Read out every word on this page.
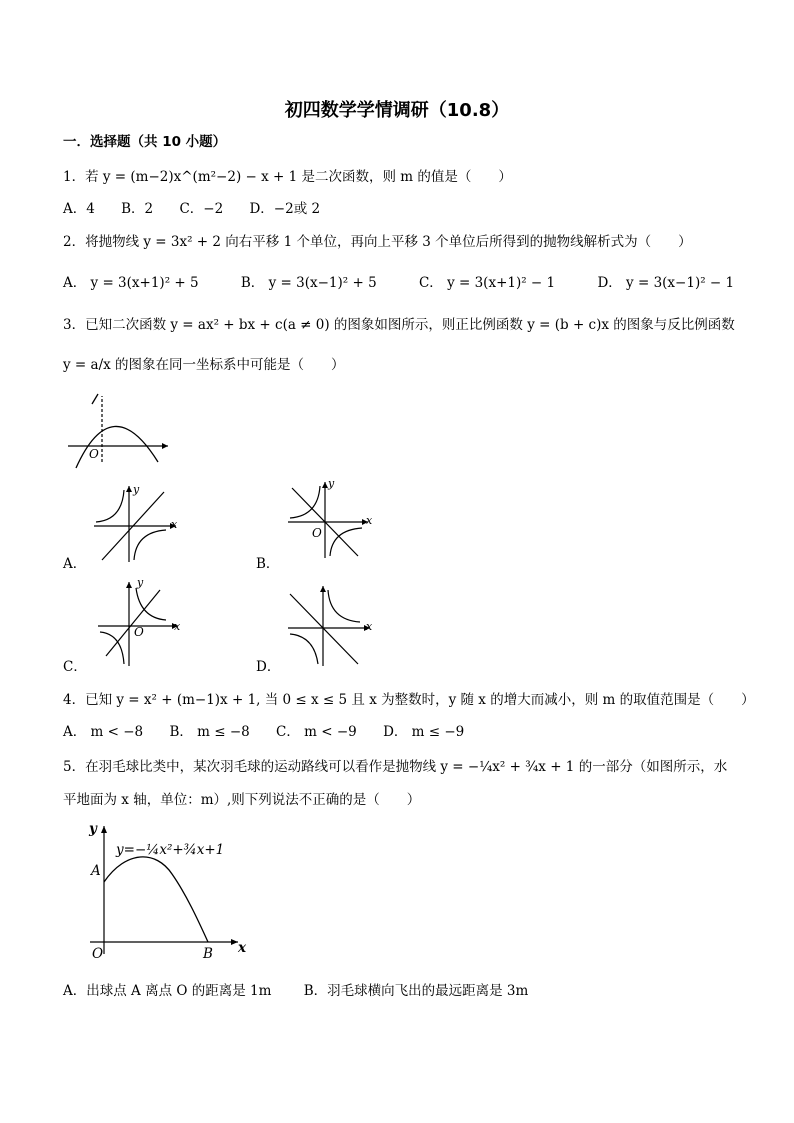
初四数学学情调研（10.8）
一．选择题（共 10 小题）
1．若 y = (m−2)x^(m²−2) − x + 1 是二次函数，则 m 的值是（　　）
A．4 B．2 C．−2 D．−2或 2
2．将抛物线 y = 3x² + 2 向右平移 1 个单位，再向上平移 3 个单位后所得到的抛物线解析式为（　　）
A． y = 3(x+1)² + 5	B． y = 3(x−1)² + 5	C． y = 3(x+1)² − 1	D． y = 3(x−1)² − 1
3．已知二次函数 y = ax² + bx + c(a ≠ 0) 的图象如图所示，则正比例函数 y = (b + c)x 的图象与反比例函数
y = a/x 的图象在同一坐标系中可能是（　　）
O
y
x
A．
y
x
O
B．
y
x
O
C．
x
D．
4．已知 y = x² + (m−1)x + 1, 当 0 ≤ x ≤ 5 且 x 为整数时，y 随 x 的增大而减小，则 m 的取值范围是（　　）
A． m < −8 B． m ≤ −8 C． m < −9 D． m ≤ −9
5．在羽毛球比类中，某次羽毛球的运动路线可以看作是抛物线 y = −¼x² + ¾x + 1 的一部分（如图所示，水
平地面为 x 轴，单位：m）,则下列说法不正确的是（　　）
y
x
y=−¼x²+¾x+1
A
B
O
A．出球点 A 离点 O 的距离是 1m B．羽毛球横向飞出的最远距离是 3m
